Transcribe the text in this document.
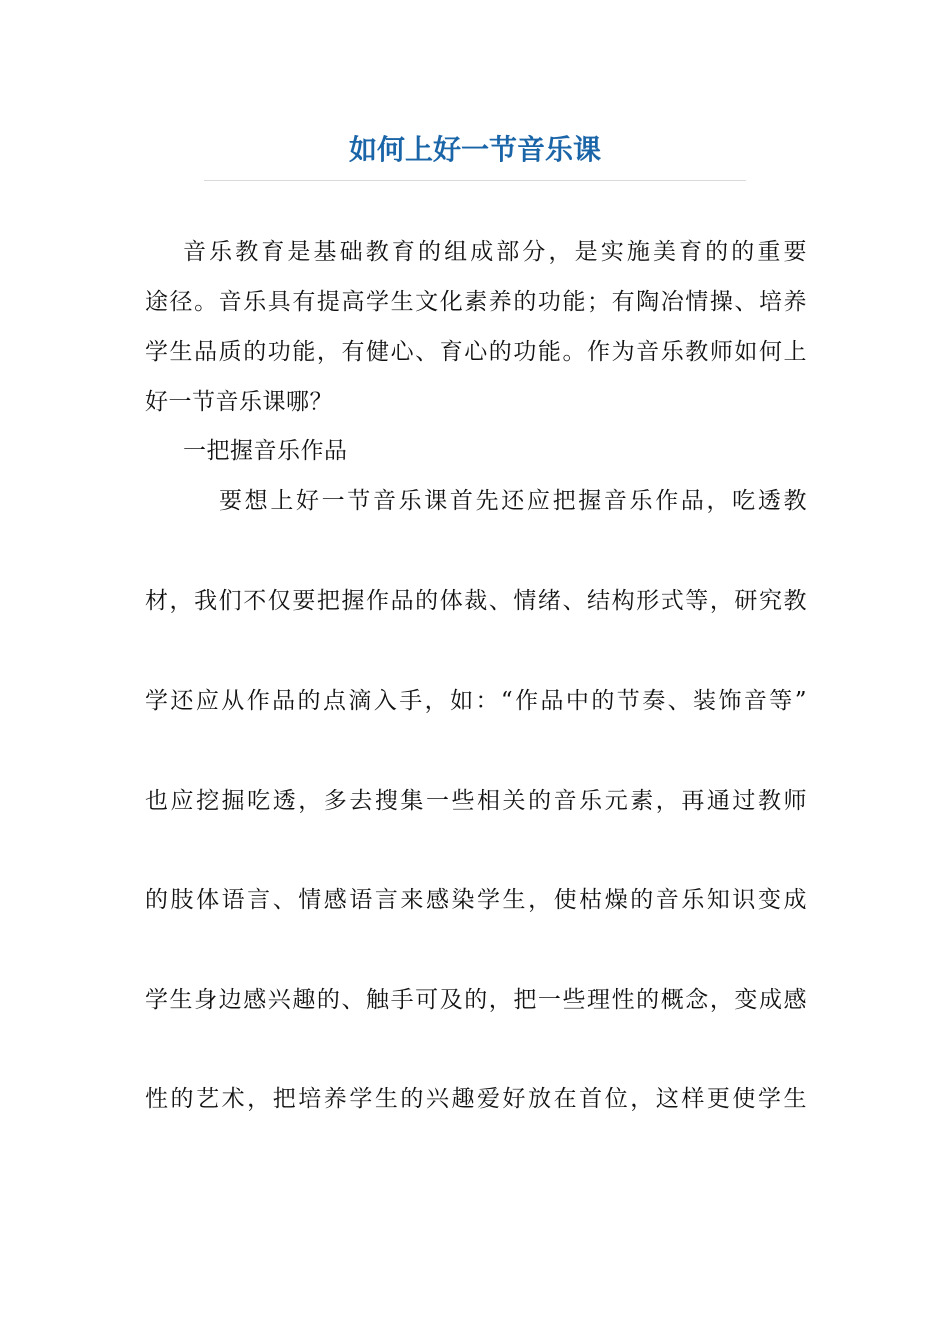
如何上好一节音乐课
音乐教育是基础教育的组成部分，是实施美育的的重要
途径。音乐具有提高学生文化素养的功能；有陶冶情操、培养
学生品质的功能，有健心、育心的功能。作为音乐教师如何上
好一节音乐课哪？
一把握音乐作品
要想上好一节音乐课首先还应把握音乐作品，吃透教
材，我们不仅要把握作品的体裁、情绪、结构形式等，研究教
学还应从作品的点滴入手，如：“作品中的节奏、装饰音等”
也应挖掘吃透，多去搜集一些相关的音乐元素，再通过教师
的肢体语言、情感语言来感染学生，使枯燥的音乐知识变成
学生身边感兴趣的、触手可及的，把一些理性的概念，变成感
性的艺术，把培养学生的兴趣爱好放在首位，这样更使学生
